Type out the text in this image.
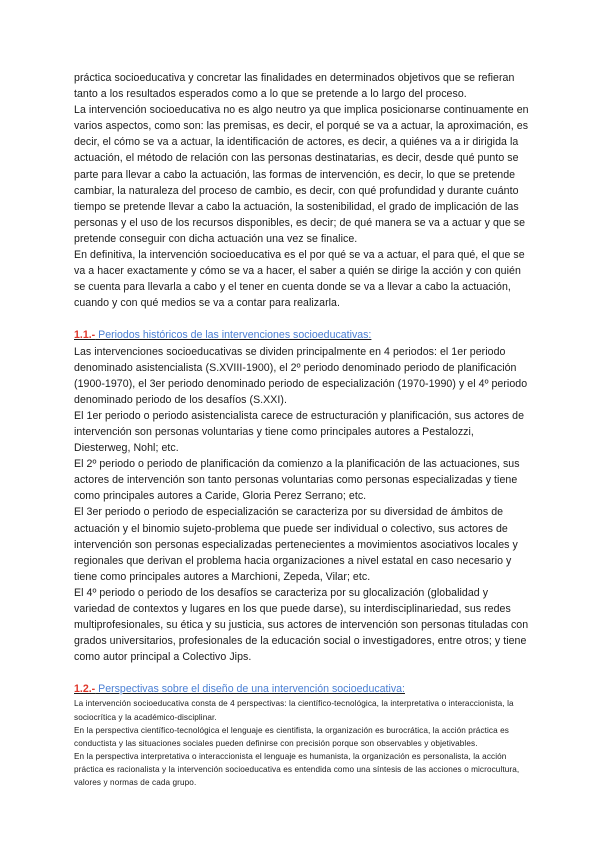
práctica socioeducativa y concretar las finalidades en determinados objetivos que se refieran tanto a los resultados esperados como a lo que se pretende a lo largo del proceso.

La intervención socioeducativa no es algo neutro ya que implica posicionarse continuamente en varios aspectos, como son: las premisas, es decir, el porqué se va a actuar, la aproximación, es decir, el cómo se va a actuar, la identificación de actores, es decir, a quiénes va a ir dirigida la actuación, el método de relación con las personas destinatarias, es decir, desde qué punto se parte para llevar a cabo la actuación, las formas de intervención, es decir, lo que se pretende cambiar, la naturaleza del proceso de cambio, es decir, con qué profundidad y durante cuánto tiempo se pretende llevar a cabo la actuación, la sostenibilidad, el grado de implicación de las personas y el uso de los recursos disponibles, es decir; de qué manera se va a actuar y que se pretende conseguir con dicha actuación una vez se finalice.

En definitiva, la intervención socioeducativa es el por qué se va a actuar, el para qué, el que se va a hacer exactamente y cómo se va a hacer, el saber a quién se dirige la acción y con quién se cuenta para llevarla a cabo y el tener en cuenta donde se va a llevar a cabo la actuación, cuando y con qué medios se va a contar para realizarla.

1.1.- Periodos históricos de las intervenciones socioeducativas:

Las intervenciones socioeducativas se dividen principalmente en 4 periodos: el 1er periodo denominado asistencialista (S.XVIII-1900), el 2º periodo denominado periodo de planificación (1900-1970), el 3er periodo denominado periodo de especialización (1970-1990) y el 4º periodo denominado periodo de los desafíos (S.XXI).

El 1er periodo o periodo asistencialista carece de estructuración y planificación, sus actores de intervención son personas voluntarias y tiene como principales autores a Pestalozzi, Diesterweg, Nohl; etc.

El 2º periodo o periodo de planificación da comienzo a la planificación de las actuaciones, sus actores de intervención son tanto personas voluntarias como personas especializadas y tiene como principales autores a Caride, Gloria Perez Serrano; etc.

El 3er periodo o periodo de especialización se caracteriza por su diversidad de ámbitos de actuación y el binomio sujeto-problema que puede ser individual o colectivo, sus actores de intervención son personas especializadas pertenecientes a movimientos asociativos locales y regionales que derivan el problema hacia organizaciones a nivel estatal en caso necesario y tiene como principales autores a Marchioni, Zepeda, Vilar; etc.

El 4º periodo o periodo de los desafíos se caracteriza por su glocalización (globalidad y variedad de contextos y lugares en los que puede darse), su interdisciplinariedad, sus redes multiprofesionales, su ética y su justicia, sus actores de intervención son personas tituladas con grados universitarios, profesionales de la educación social o investigadores, entre otros; y tiene como autor principal a Colectivo Jips.

1.2.- Perspectivas sobre el diseño de una intervención socioeducativa:

La intervención socioeducativa consta de 4 perspectivas: la científico-tecnológica, la interpretativa o interaccionista, la sociocrítica y la académico-disciplinar.

En la perspectiva científico-tecnológica el lenguaje es cientifista, la organización es burocrática, la acción práctica es conductista y las situaciones sociales pueden definirse con precisión porque son observables y objetivables.

En la perspectiva interpretativa o interaccionista el lenguaje es humanista, la organización es personalista, la acción práctica es racionalista y la intervención socioeducativa es entendida como una síntesis de las acciones o microcultura, valores y normas de cada grupo.
